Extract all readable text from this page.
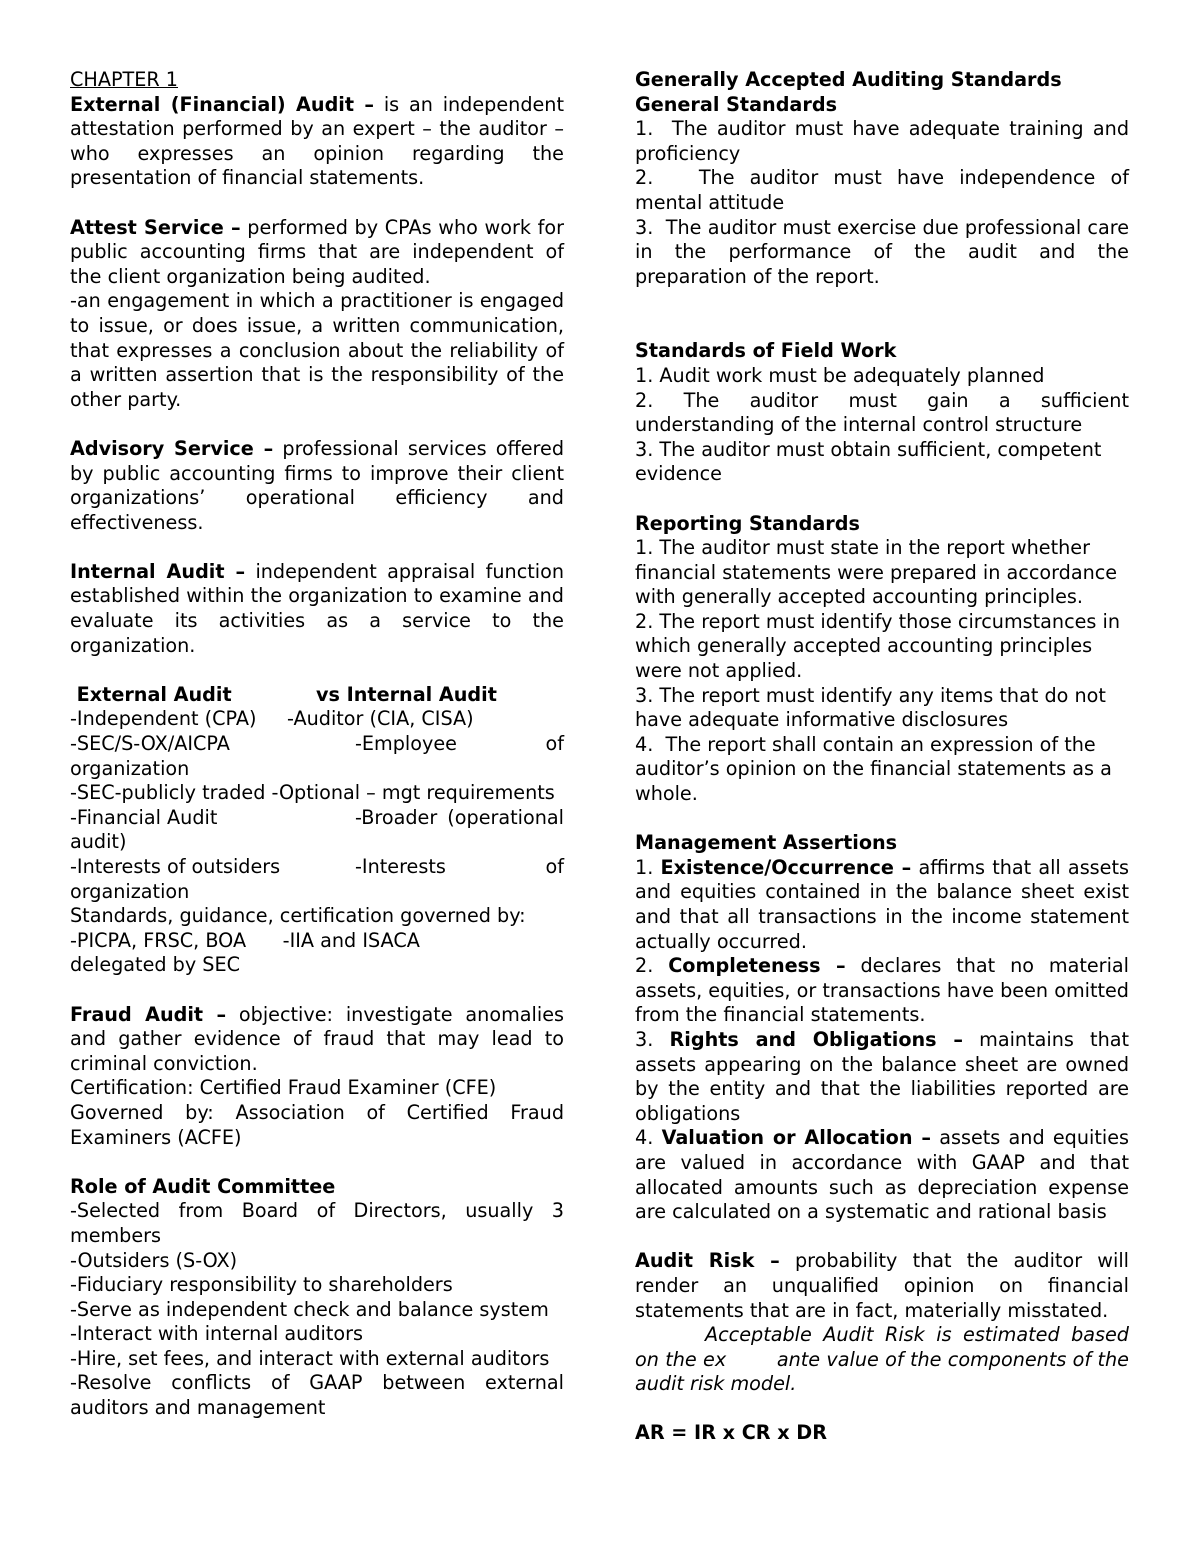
CHAPTER 1

External (Financial) Audit – is an independent attestation performed by an expert – the auditor – who expresses an opinion regarding the presentation of financial statements.

Attest Service – performed by CPAs who work for public accounting firms that are independent of the client organization being audited.

-an engagement in which a practitioner is engaged to issue, or does issue, a written communication, that expresses a conclusion about the reliability of a written assertion that is the responsibility of the other party.

Advisory Service – professional services offered by public accounting firms to improve their client organizations’ operational efficiency and effectiveness.

Internal Audit – independent appraisal function established within the organization to examine and evaluate its activities as a service to the organization.

External Audit	vs Internal Audit

-Independent (CPA)     -Auditor (CIA, CISA)

-SEC/S-OX/AICPA	-Employee of organization

-SEC-publicly traded -Optional – mgt requirements

-Financial Audit	-Broader (operational audit)

-Interests of outsiders	-Interests of organization

Standards, guidance, certification governed by:

-PICPA, FRSC, BOA      -IIA and ISACA

delegated by SEC

Fraud Audit – objective: investigate anomalies and gather evidence of fraud that may lead to criminal conviction.

Certification: Certified Fraud Examiner (CFE)

Governed by: Association of Certified Fraud Examiners (ACFE)

Role of Audit Committee

-Selected from Board of Directors, usually 3 members

-Outsiders (S-OX)

-Fiduciary responsibility to shareholders

-Serve as independent check and balance system

-Interact with internal auditors

-Hire, set fees, and interact with external auditors

-Resolve conflicts of GAAP between external auditors and management

Generally Accepted Auditing Standards

General Standards

1.  The auditor must have adequate training and proficiency

2.   The auditor must have independence of mental attitude

3.  The auditor must exercise due professional care in the performance of the audit and the preparation of the report.

Standards of Field Work

1. Audit work must be adequately planned

2. The auditor must gain a sufficient understanding of the internal control structure

3. The auditor must obtain sufficient, competent evidence

Reporting Standards

1. The auditor must state in the report whether financial statements were prepared in accordance with generally accepted accounting principles.

2. The report must identify those circumstances in which generally accepted accounting principles were not applied.

3. The report must identify any items that do not have adequate informative disclosures

4.  The report shall contain an expression of the auditor’s opinion on the financial statements as a whole.

Management Assertions

1. Existence/Occurrence – affirms that all assets and equities contained in the balance sheet exist and that all transactions in the income statement actually occurred.

2. Completeness – declares that no material assets, equities, or transactions have been omitted from the financial statements.

3. Rights and Obligations – maintains that assets appearing on the balance sheet are owned by the entity and that the liabilities reported are obligations

4. Valuation or Allocation – assets and equities are valued in accordance with GAAP and that allocated amounts such as depreciation expense are calculated on a systematic and rational basis

Audit Risk – probability that the auditor will render an unqualified opinion on financial statements that are in fact, materially misstated.

Acceptable Audit Risk is estimated based on the ex        ante value of the components of the audit risk model.

AR = IR x CR x DR
